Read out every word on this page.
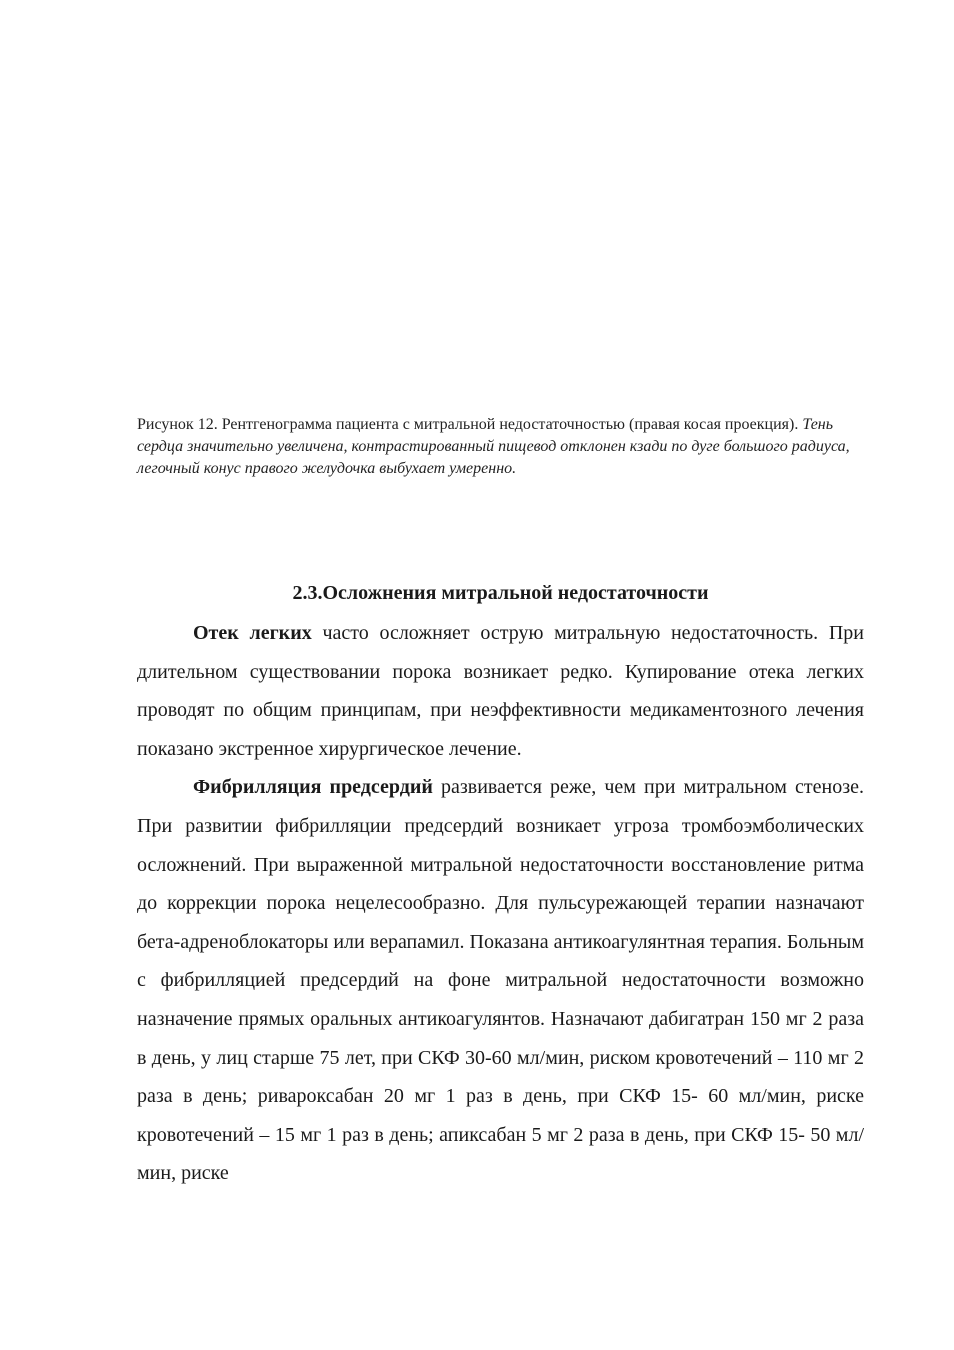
Рисунок 12. Рентгенограмма пациента с митральной недостаточностью (правая косая проекция). Тень сердца значительно увеличена, контрастированный пищевод отклонен кзади по дуге большого радиуса, легочный конус правого желудочка выбухает умеренно.
2.3.Осложнения митральной недостаточности

Отек легких часто осложняет острую митральную недостаточность. При длительном существовании порока возникает редко. Купирование отека легких проводят по общим принципам, при неэффективности медикаментозного лечения показано экстренное хирургическое лечение.

Фибрилляция предсердий развивается реже, чем при митральном стенозе. При развитии фибрилляции предсердий возникает угроза тромбоэмболических осложнений. При выраженной митральной недостаточности восстановление ритма до коррекции порока нецелесообразно. Для пульсурежающей терапии назначают бета-адреноблокаторы или верапамил. Показана антикоагулянтная терапия. Больным с фибрилляцией предсердий на фоне митральной недостаточности возможно назначение прямых оральных антикоагулянтов. Назначают дабигатран 150 мг 2 раза в день, у лиц старше 75 лет, при СКФ 30-60 мл/мин, риском кровотечений – 110 мг 2 раза в день; ривароксабан 20 мг 1 раз в день, при СКФ 15- 60 мл/мин, риске кровотечений – 15 мг 1 раз в день; апиксабан 5 мг 2 раза в день, при СКФ 15- 50 мл/мин, риске
